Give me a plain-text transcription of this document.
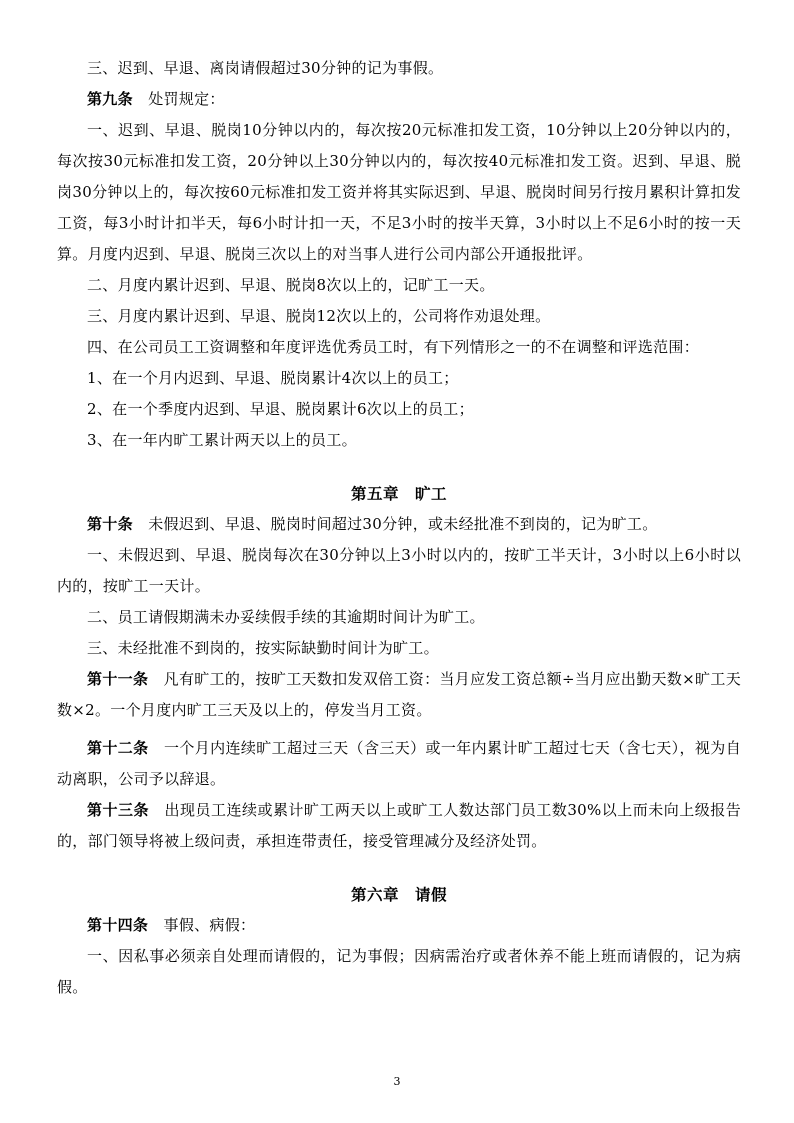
三、迟到、早退、离岗请假超过30分钟的记为事假。

第九条　 处罚规定：

一、迟到、早退、脱岗10分钟以内的，每次按20元标准扣发工资，10分钟以上20分钟以内的，每次按30元标准扣发工资，20分钟以上30分钟以内的，每次按40元标准扣发工资。迟到、早退、脱岗30分钟以上的，每次按60元标准扣发工资并将其实际迟到、早退、脱岗时间另行按月累积计算扣发工资，每3小时计扣半天，每6小时计扣一天，不足3小时的按半天算，3小时以上不足6小时的按一天算。月度内迟到、早退、脱岗三次以上的对当事人进行公司内部公开通报批评。

二、月度内累计迟到、早退、脱岗8次以上的，记旷工一天。

三、月度内累计迟到、早退、脱岗12次以上的，公司将作劝退处理。

四、在公司员工工资调整和年度评选优秀员工时，有下列情形之一的不在调整和评选范围：

1、在一个月内迟到、早退、脱岗累计4次以上的员工；

2、在一个季度内迟到、早退、脱岗累计6次以上的员工；

3、在一年内旷工累计两天以上的员工。

第五章　旷工

第十条　 未假迟到、早退、脱岗时间超过30分钟，或未经批准不到岗的，记为旷工。

一、未假迟到、早退、脱岗每次在30分钟以上3小时以内的，按旷工半天计，3小时以上6小时以内的，按旷工一天计。

二、员工请假期满未办妥续假手续的其逾期时间计为旷工。

三、未经批准不到岗的，按实际缺勤时间计为旷工。

第十一条　 凡有旷工的，按旷工天数扣发双倍工资：当月应发工资总额÷当月应出勤天数×旷工天数×2。一个月度内旷工三天及以上的，停发当月工资。

第十二条　 一个月内连续旷工超过三天（含三天）或一年内累计旷工超过七天（含七天），视为自动离职，公司予以辞退。

第十三条　 出现员工连续或累计旷工两天以上或旷工人数达部门员工数30%以上而未向上级报告的，部门领导将被上级问责，承担连带责任，接受管理减分及经济处罚。

第六章　请假

第十四条　 事假、病假：

一、因私事必须亲自处理而请假的，记为事假；因病需治疗或者休养不能上班而请假的，记为病假。

3
